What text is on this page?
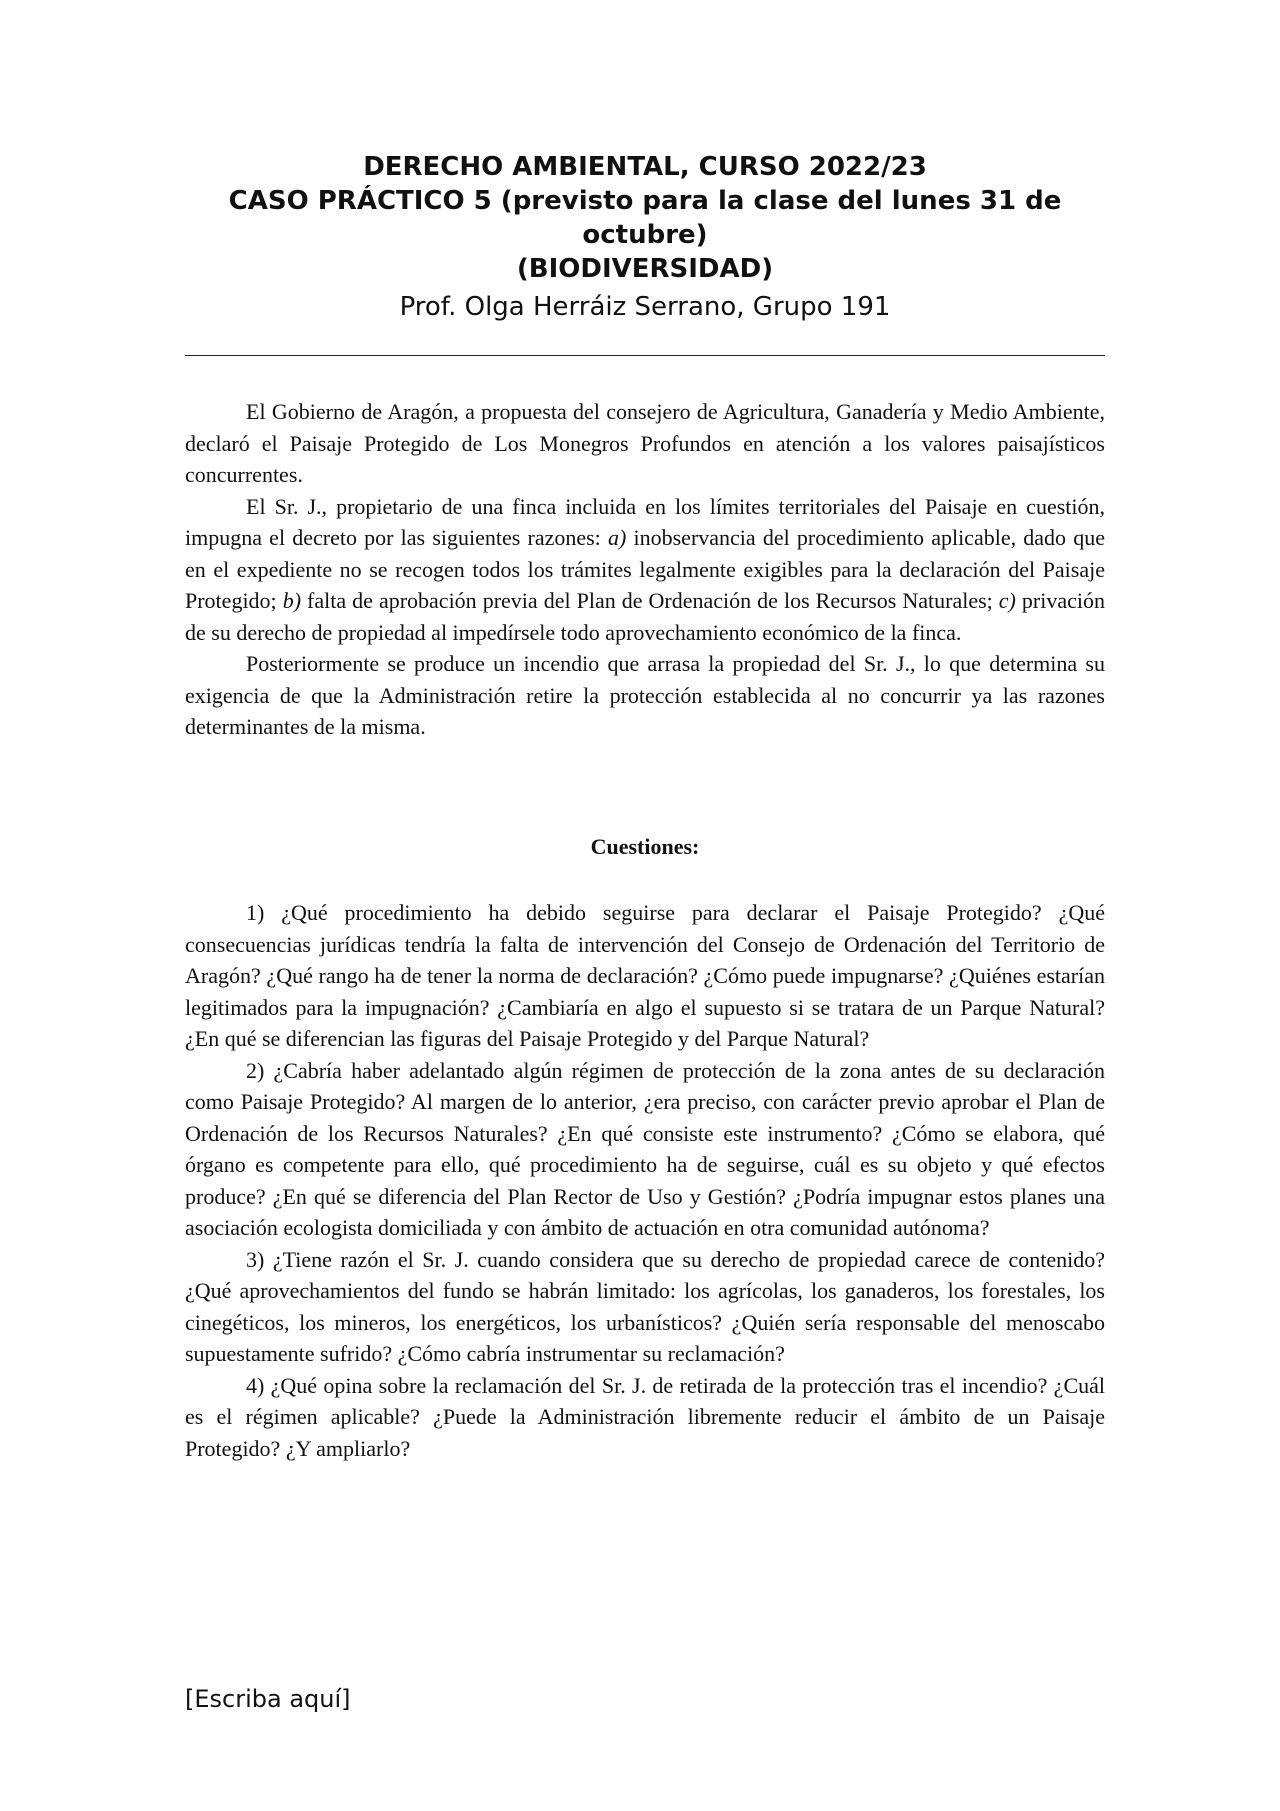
DERECHO AMBIENTAL, CURSO 2022/23
CASO PRÁCTICO 5 (previsto para la clase del lunes 31 de octubre)
(BIODIVERSIDAD)
Prof. Olga Herráiz Serrano, Grupo 191

El Gobierno de Aragón, a propuesta del consejero de Agricultura, Ganadería y Medio Ambiente, declaró el Paisaje Protegido de Los Monegros Profundos en atención a los valores paisajísticos concurrentes.

El Sr. J., propietario de una finca incluida en los límites territoriales del Paisaje en cuestión, impugna el decreto por las siguientes razones: a) inobservancia del procedimiento aplicable, dado que en el expediente no se recogen todos los trámites legalmente exigibles para la declaración del Paisaje Protegido; b) falta de aprobación previa del Plan de Ordenación de los Recursos Naturales; c) privación de su derecho de propiedad al impedírsele todo aprovechamiento económico de la finca.

Posteriormente se produce un incendio que arrasa la propiedad del Sr. J., lo que determina su exigencia de que la Administración retire la protección establecida al no concurrir ya las razones determinantes de la misma.

Cuestiones:

1) ¿Qué procedimiento ha debido seguirse para declarar el Paisaje Protegido? ¿Qué consecuencias jurídicas tendría la falta de intervención del Consejo de Ordenación del Territorio de Aragón? ¿Qué rango ha de tener la norma de declaración? ¿Cómo puede impugnarse? ¿Quiénes estarían legitimados para la impugnación? ¿Cambiaría en algo el supuesto si se tratara de un Parque Natural? ¿En qué se diferencian las figuras del Paisaje Protegido y del Parque Natural?

2) ¿Cabría haber adelantado algún régimen de protección de la zona antes de su declaración como Paisaje Protegido? Al margen de lo anterior, ¿era preciso, con carácter previo aprobar el Plan de Ordenación de los Recursos Naturales? ¿En qué consiste este instrumento? ¿Cómo se elabora, qué órgano es competente para ello, qué procedimiento ha de seguirse, cuál es su objeto y qué efectos produce? ¿En qué se diferencia del Plan Rector de Uso y Gestión? ¿Podría impugnar estos planes una asociación ecologista domiciliada y con ámbito de actuación en otra comunidad autónoma?

3) ¿Tiene razón el Sr. J. cuando considera que su derecho de propiedad carece de contenido? ¿Qué aprovechamientos del fundo se habrán limitado: los agrícolas, los ganaderos, los forestales, los cinegéticos, los mineros, los energéticos, los urbanísticos? ¿Quién sería responsable del menoscabo supuestamente sufrido? ¿Cómo cabría instrumentar su reclamación?

4) ¿Qué opina sobre la reclamación del Sr. J. de retirada de la protección tras el incendio? ¿Cuál es el régimen aplicable? ¿Puede la Administración libremente reducir el ámbito de un Paisaje Protegido? ¿Y ampliarlo?

[Escriba aquí]
